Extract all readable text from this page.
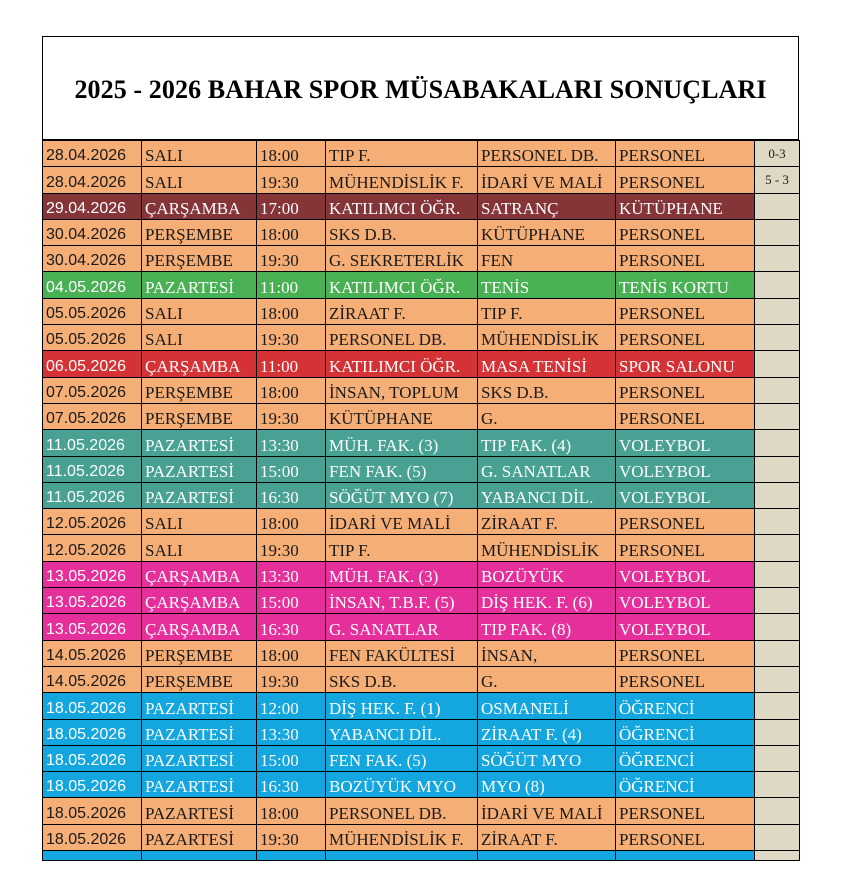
2025 - 2026 BAHAR SPOR MÜSABAKALARI SONUÇLARI
28.04.2026	SALI	18:00	TIP F.	PERSONEL DB.	PERSONEL	0-3
28.04.2026	SALI	19:30	MÜHENDİSLİK F.	İDARİ VE MALİ	PERSONEL	5 - 3
29.04.2026	ÇARŞAMBA	17:00	KATILIMCI ÖĞR.	SATRANÇ	KÜTÜPHANE	
30.04.2026	PERŞEMBE	18:00	SKS D.B.	KÜTÜPHANE	PERSONEL	
30.04.2026	PERŞEMBE	19:30	G. SEKRETERLİK	FEN	PERSONEL	
04.05.2026	PAZARTESİ	11:00	KATILIMCI ÖĞR.	TENİS	TENİS KORTU	
05.05.2026	SALI	18:00	ZİRAAT F.	TIP F.	PERSONEL	
05.05.2026	SALI	19:30	PERSONEL DB.	MÜHENDİSLİK	PERSONEL	
06.05.2026	ÇARŞAMBA	11:00	KATILIMCI ÖĞR.	MASA TENİSİ	SPOR SALONU	
07.05.2026	PERŞEMBE	18:00	İNSAN, TOPLUM	SKS D.B.	PERSONEL	
07.05.2026	PERŞEMBE	19:30	KÜTÜPHANE	G.	PERSONEL	
11.05.2026	PAZARTESİ	13:30	MÜH. FAK. (3)	TIP FAK. (4)	VOLEYBOL	
11.05.2026	PAZARTESİ	15:00	FEN FAK. (5)	G. SANATLAR	VOLEYBOL	
11.05.2026	PAZARTESİ	16:30	SÖĞÜT MYO (7)	YABANCI DİL.	VOLEYBOL	
12.05.2026	SALI	18:00	İDARİ VE MALİ	ZİRAAT F.	PERSONEL	
12.05.2026	SALI	19:30	TIP F.	MÜHENDİSLİK	PERSONEL	
13.05.2026	ÇARŞAMBA	13:30	MÜH. FAK. (3)	BOZÜYÜK	VOLEYBOL	
13.05.2026	ÇARŞAMBA	15:00	İNSAN, T.B.F. (5)	DİŞ HEK. F. (6)	VOLEYBOL	
13.05.2026	ÇARŞAMBA	16:30	G. SANATLAR	TIP FAK. (8)	VOLEYBOL	
14.05.2026	PERŞEMBE	18:00	FEN FAKÜLTESİ	İNSAN,	PERSONEL	
14.05.2026	PERŞEMBE	19:30	SKS D.B.	G.	PERSONEL	
18.05.2026	PAZARTESİ	12:00	DİŞ HEK. F. (1)	OSMANELİ	ÖĞRENCİ	
18.05.2026	PAZARTESİ	13:30	YABANCI DİL.	ZİRAAT F. (4)	ÖĞRENCİ	
18.05.2026	PAZARTESİ	15:00	FEN FAK. (5)	SÖĞÜT MYO	ÖĞRENCİ	
18.05.2026	PAZARTESİ	16:30	BOZÜYÜK MYO	MYO (8)	ÖĞRENCİ	
18.05.2026	PAZARTESİ	18:00	PERSONEL DB.	İDARİ VE MALİ	PERSONEL	
18.05.2026	PAZARTESİ	19:30	MÜHENDİSLİK F.	ZİRAAT F.	PERSONEL	
